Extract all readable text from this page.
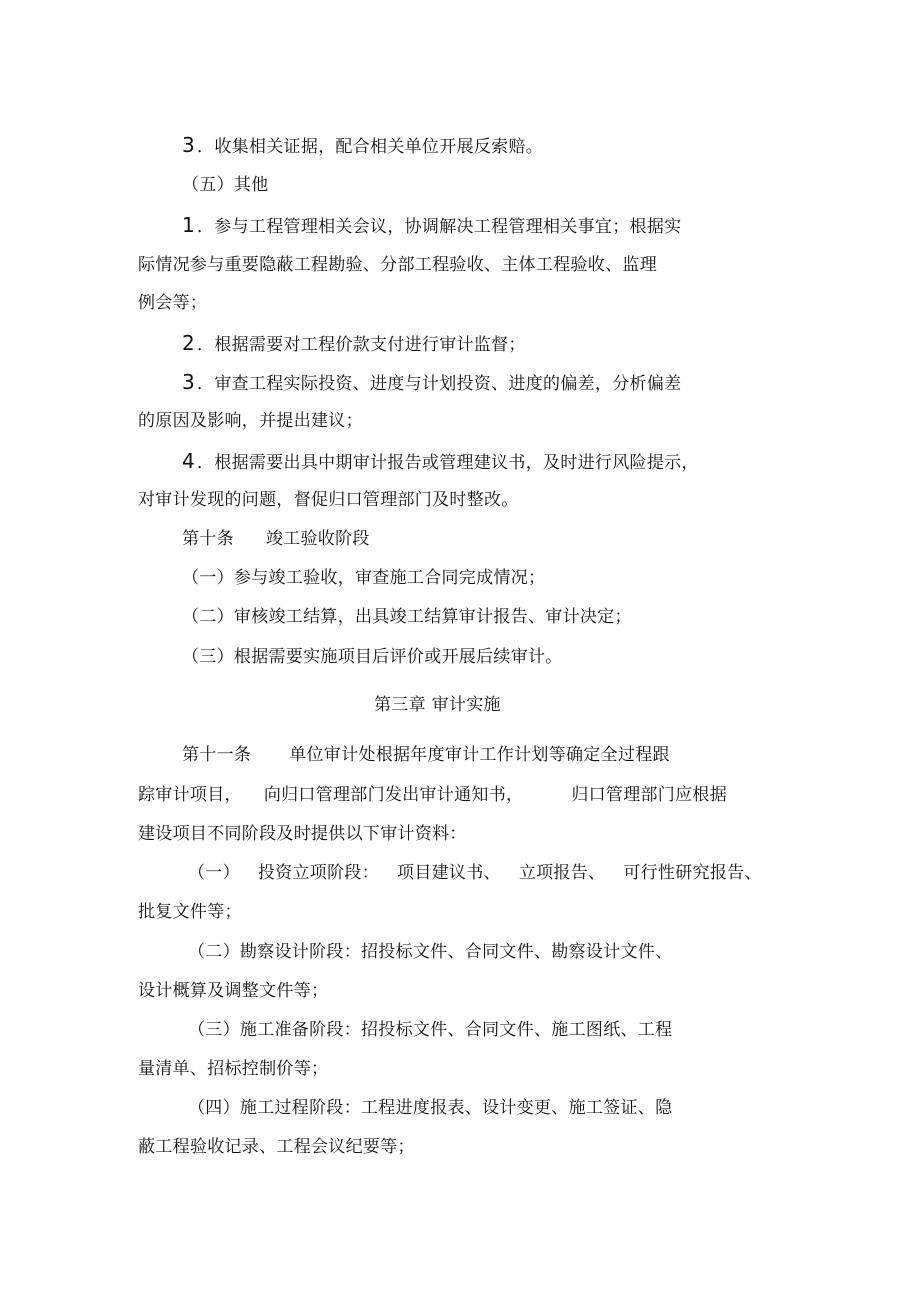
3 ．收集相关证据，配合相关单位开展反索赔。
（五）其他
1 ．参与工程管理相关会议，协调解决工程管理相关事宜；根据实
际情况参与重要隐蔽工程勘验、分部工程验收、主体工程验收、监理
例会等；
2 ．根据需要对工程价款支付进行审计监督；
3 ．审查工程实际投资、进度与计划投资、进度的偏差，分析偏差
的原因及影响，并提出建议；
4 ．根据需要出具中期审计报告或管理建议书，及时进行风险提示，
对审计发现的问题，督促归口管理部门及时整改。
第十条 竣工验收阶段
（一）参与竣工验收，审查施工合同完成情况；
（二）审核竣工结算，出具竣工结算审计报告、审计决定；
（三）根据需要实施项目后评价或开展后续审计。
第三章 审计实施
第十一条 单位审计处根据年度审计工作计划等确定全过程跟
踪审计项目， 向归口管理部门发出审计通知书，	归口管理部门应根据
建设项目不同阶段及时提供以下审计资料：
（一） 投资立项阶段： 项目建议书、 立项报告、 可行性研究报告、
批复文件等；
（二）勘察设计阶段：招投标文件、合同文件、勘察设计文件、
设计概算及调整文件等；
（三）施工准备阶段：招投标文件、合同文件、施工图纸、工程
量清单、招标控制价等；
（四）施工过程阶段：工程进度报表、设计变更、施工签证、隐
蔽工程验收记录、工程会议纪要等；
